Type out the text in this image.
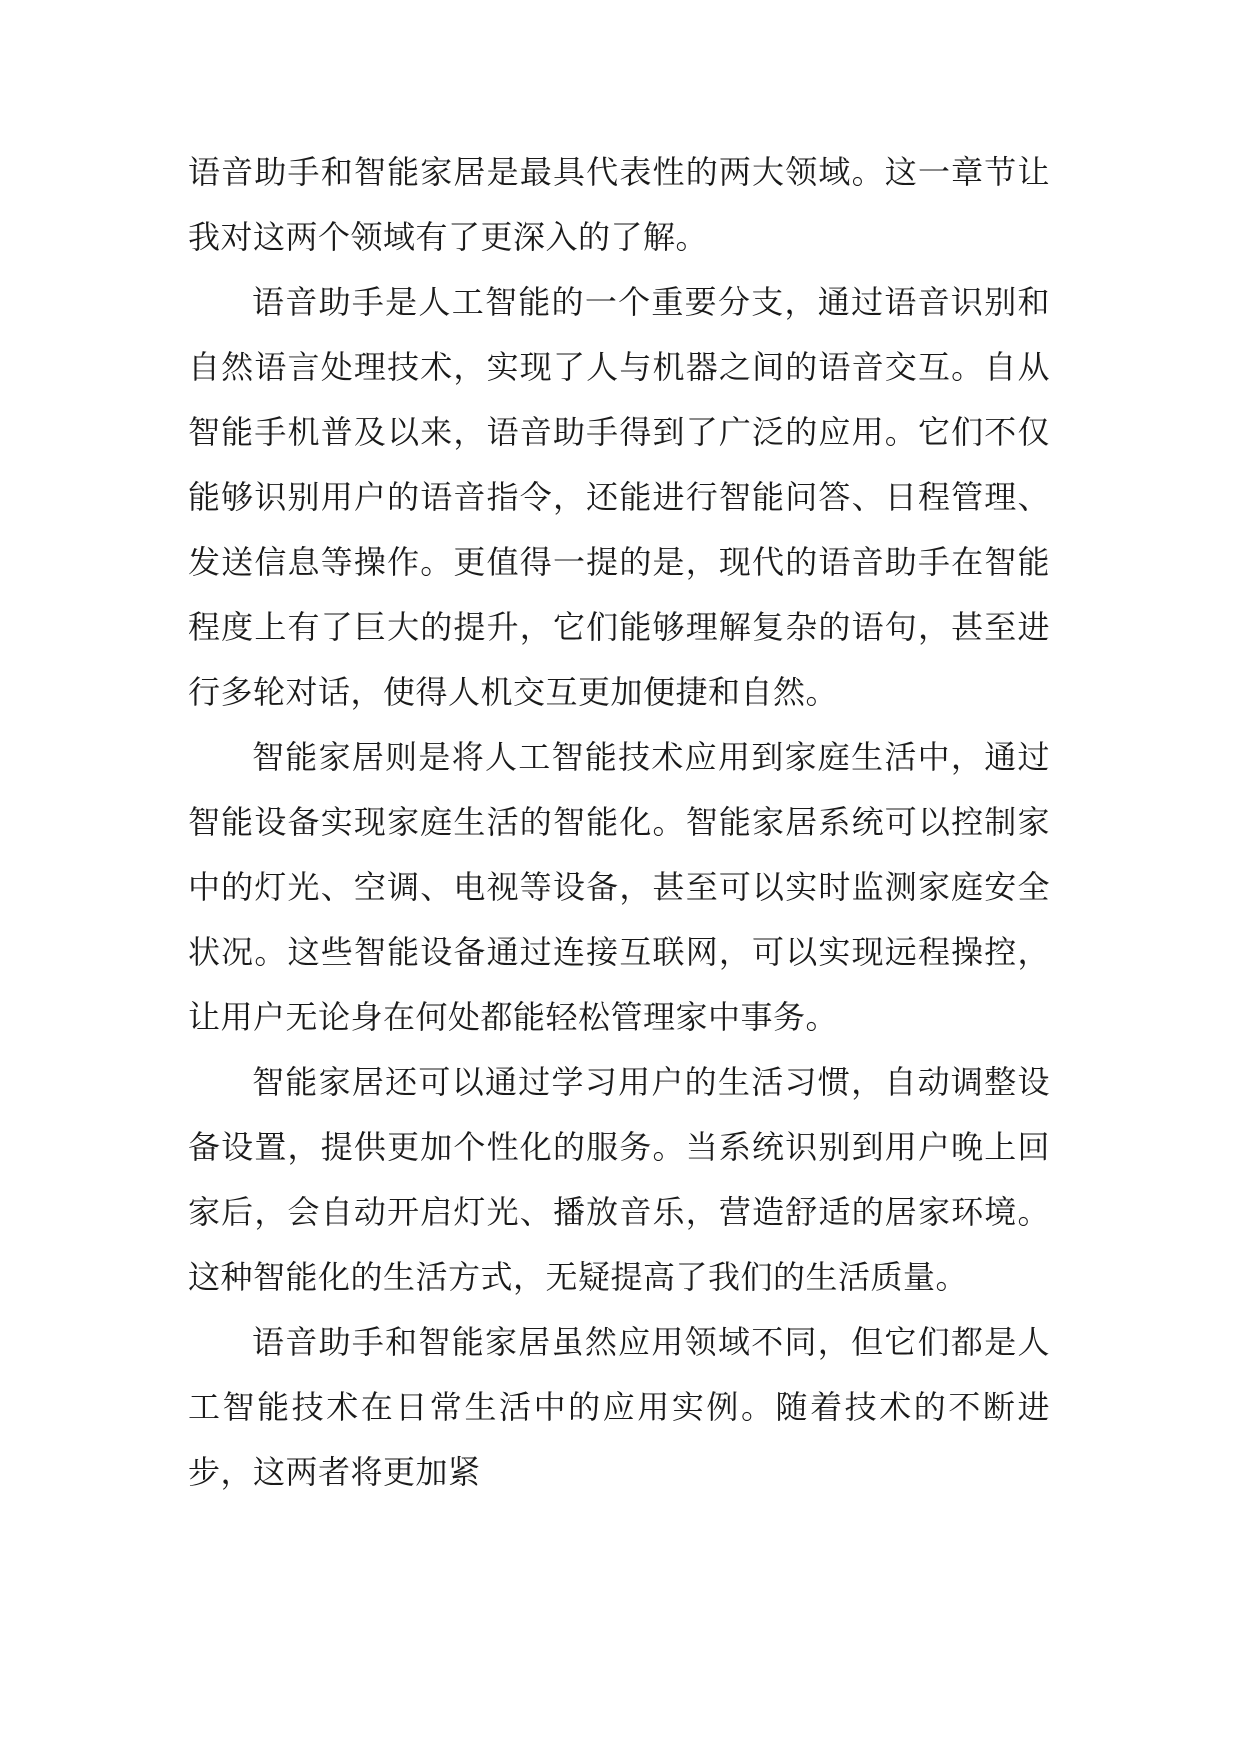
语音助手和智能家居是最具代表性的两大领域。这一章节让我对这两个领域有了更深入的了解。

语音助手是人工智能的一个重要分支，通过语音识别和自然语言处理技术，实现了人与机器之间的语音交互。自从智能手机普及以来，语音助手得到了广泛的应用。它们不仅能够识别用户的语音指令，还能进行智能问答、日程管理、发送信息等操作。更值得一提的是，现代的语音助手在智能程度上有了巨大的提升，它们能够理解复杂的语句，甚至进行多轮对话，使得人机交互更加便捷和自然。

智能家居则是将人工智能技术应用到家庭生活中，通过智能设备实现家庭生活的智能化。智能家居系统可以控制家中的灯光、空调、电视等设备，甚至可以实时监测家庭安全状况。这些智能设备通过连接互联网，可以实现远程操控，让用户无论身在何处都能轻松管理家中事务。

智能家居还可以通过学习用户的生活习惯，自动调整设备设置，提供更加个性化的服务。当系统识别到用户晚上回家后，会自动开启灯光、播放音乐，营造舒适的居家环境。这种智能化的生活方式，无疑提高了我们的生活质量。

语音助手和智能家居虽然应用领域不同，但它们都是人工智能技术在日常生活中的应用实例。随着技术的不断进步，这两者将更加紧
